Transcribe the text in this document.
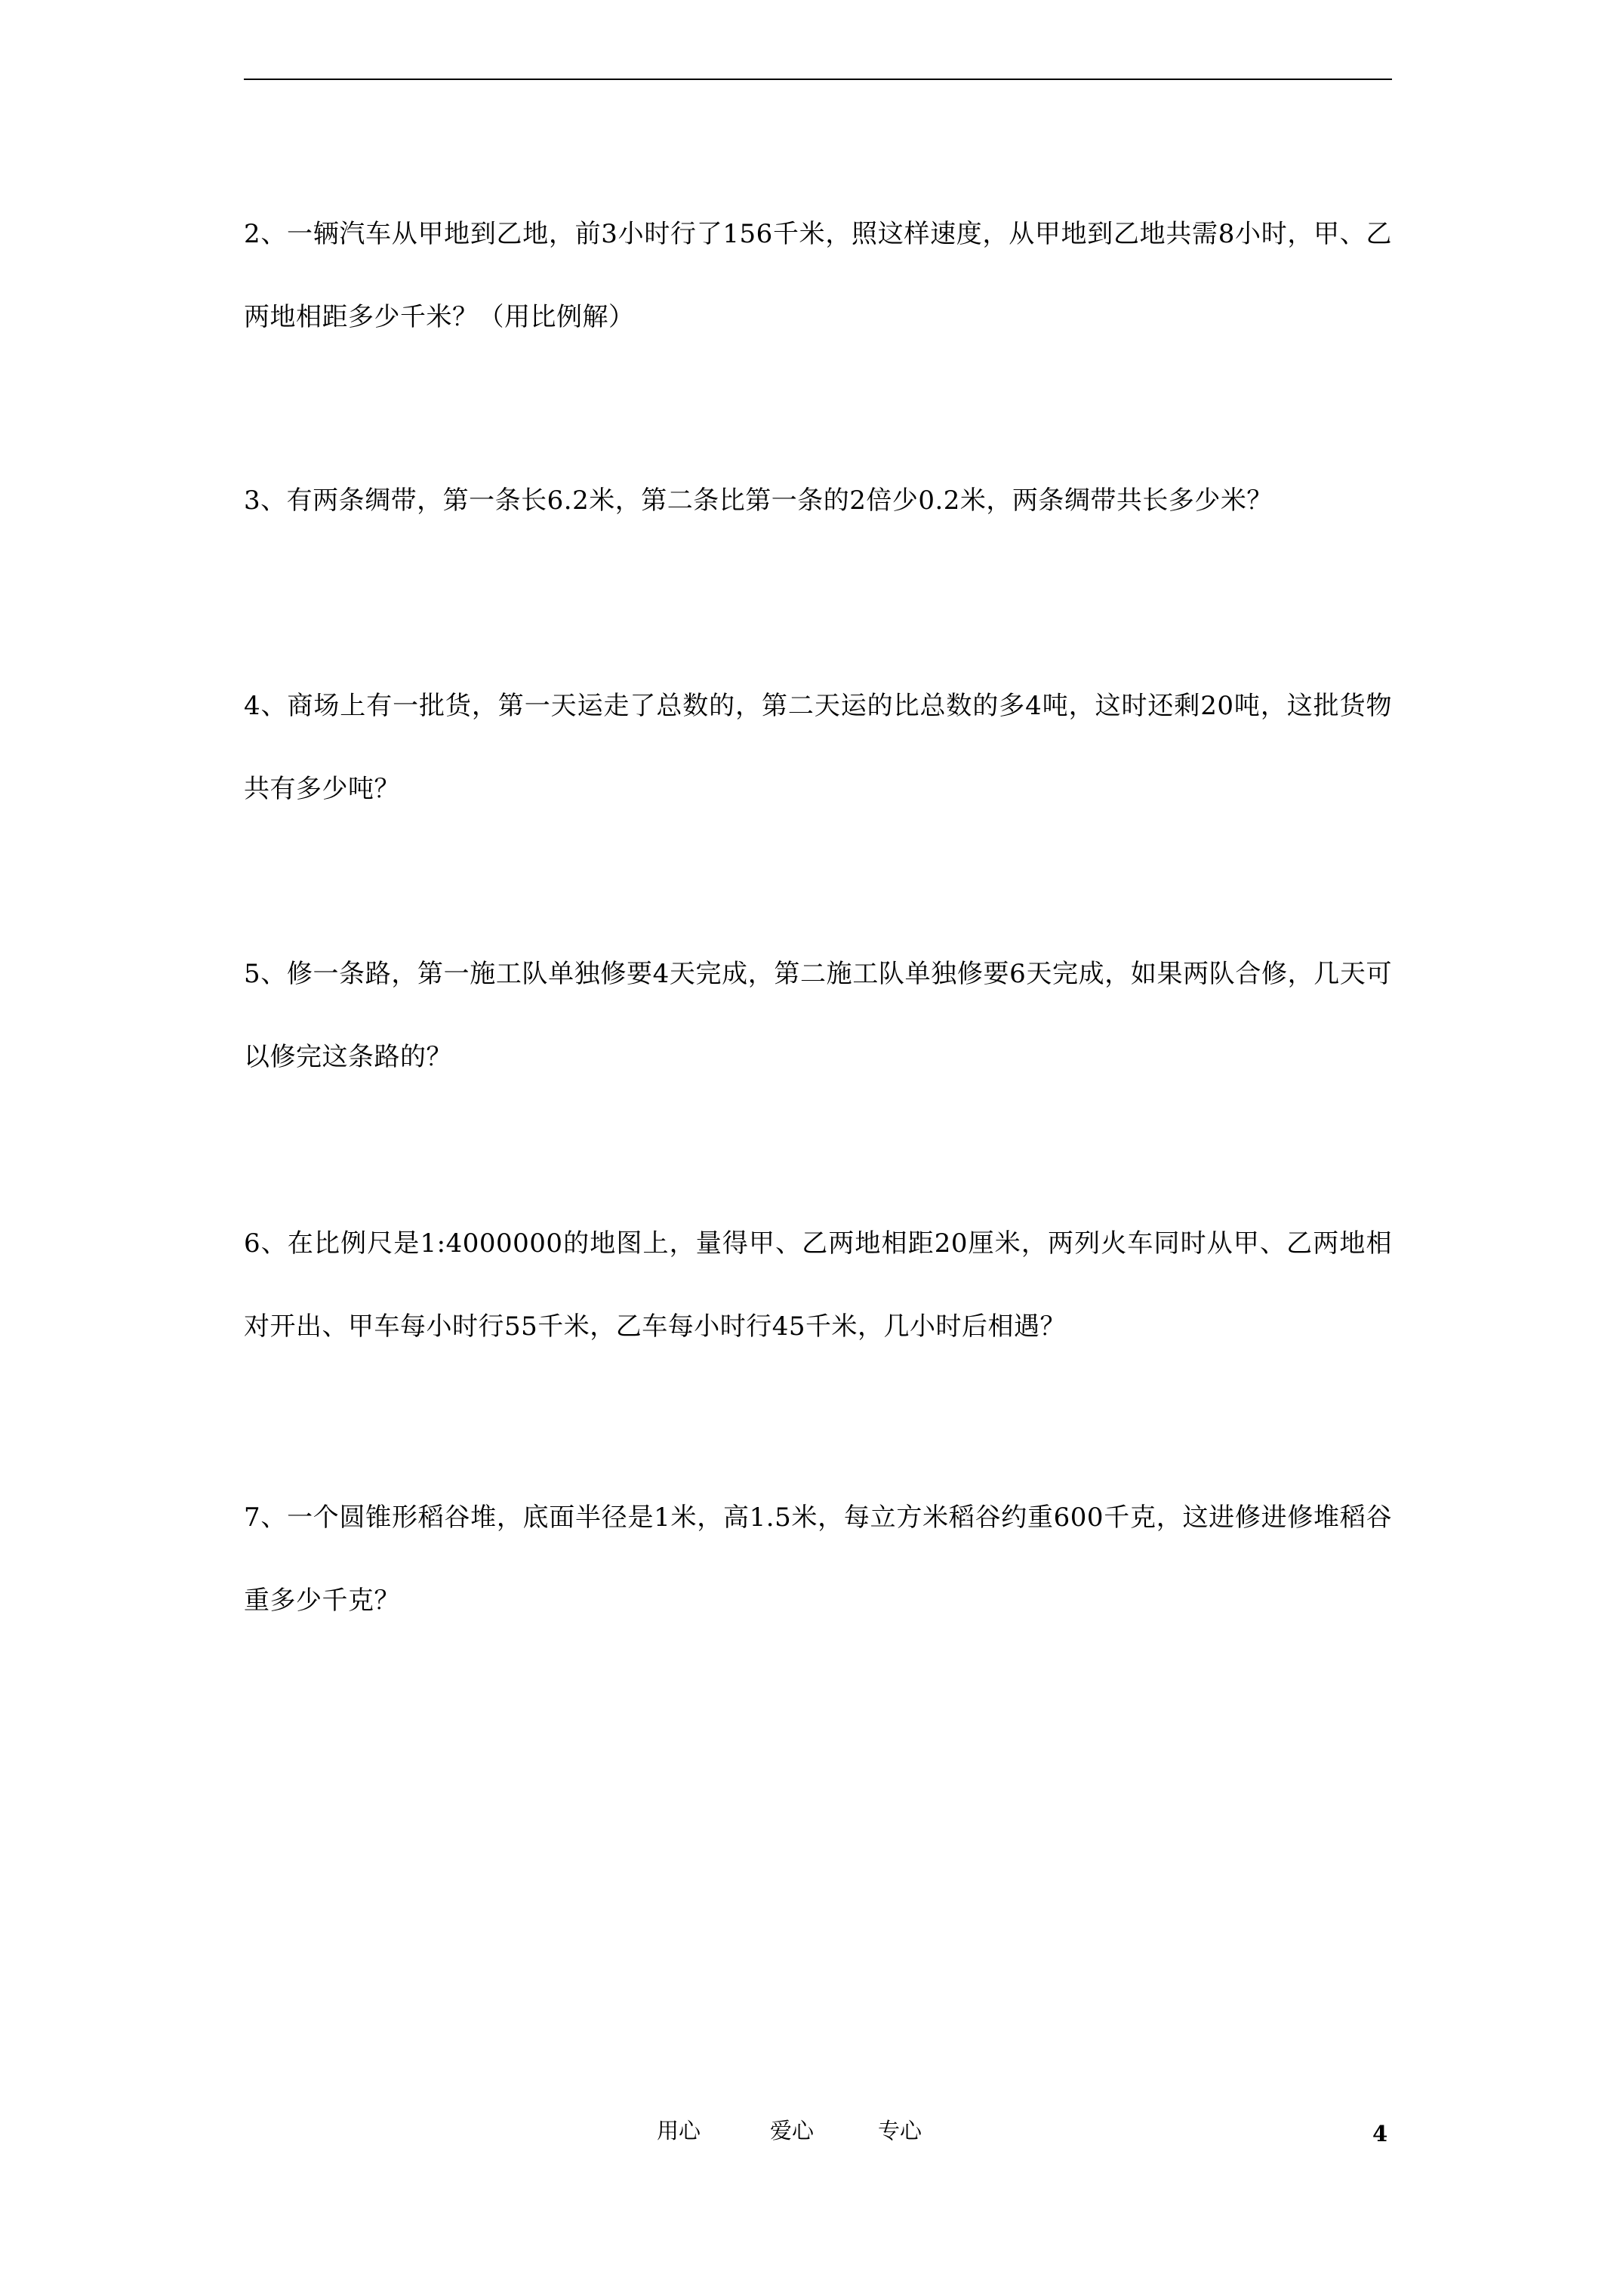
2、一辆汽车从甲地到乙地，前3小时行了156千米，照这样速度，从甲地到乙地共需8小时，甲、乙两地相距多少千米？（用比例解）
3、有两条绸带，第一条长6.2米，第二条比第一条的2倍少0.2米，两条绸带共长多少米？
4、商场上有一批货，第一天运走了总数的，第二天运的比总数的多4吨，这时还剩20吨，这批货物共有多少吨？
5、修一条路，第一施工队单独修要4天完成，第二施工队单独修要6天完成，如果两队合修，几天可以修完这条路的？
6、在比例尺是1:4000000的地图上，量得甲、乙两地相距20厘米，两列火车同时从甲、乙两地相对开出、甲车每小时行55千米，乙车每小时行45千米，几小时后相遇？
7、一个圆锥形稻谷堆，底面半径是1米，高1.5米，每立方米稻谷约重600千克，这进修进修堆稻谷重多少千克？
用心	爱心	专心	4
